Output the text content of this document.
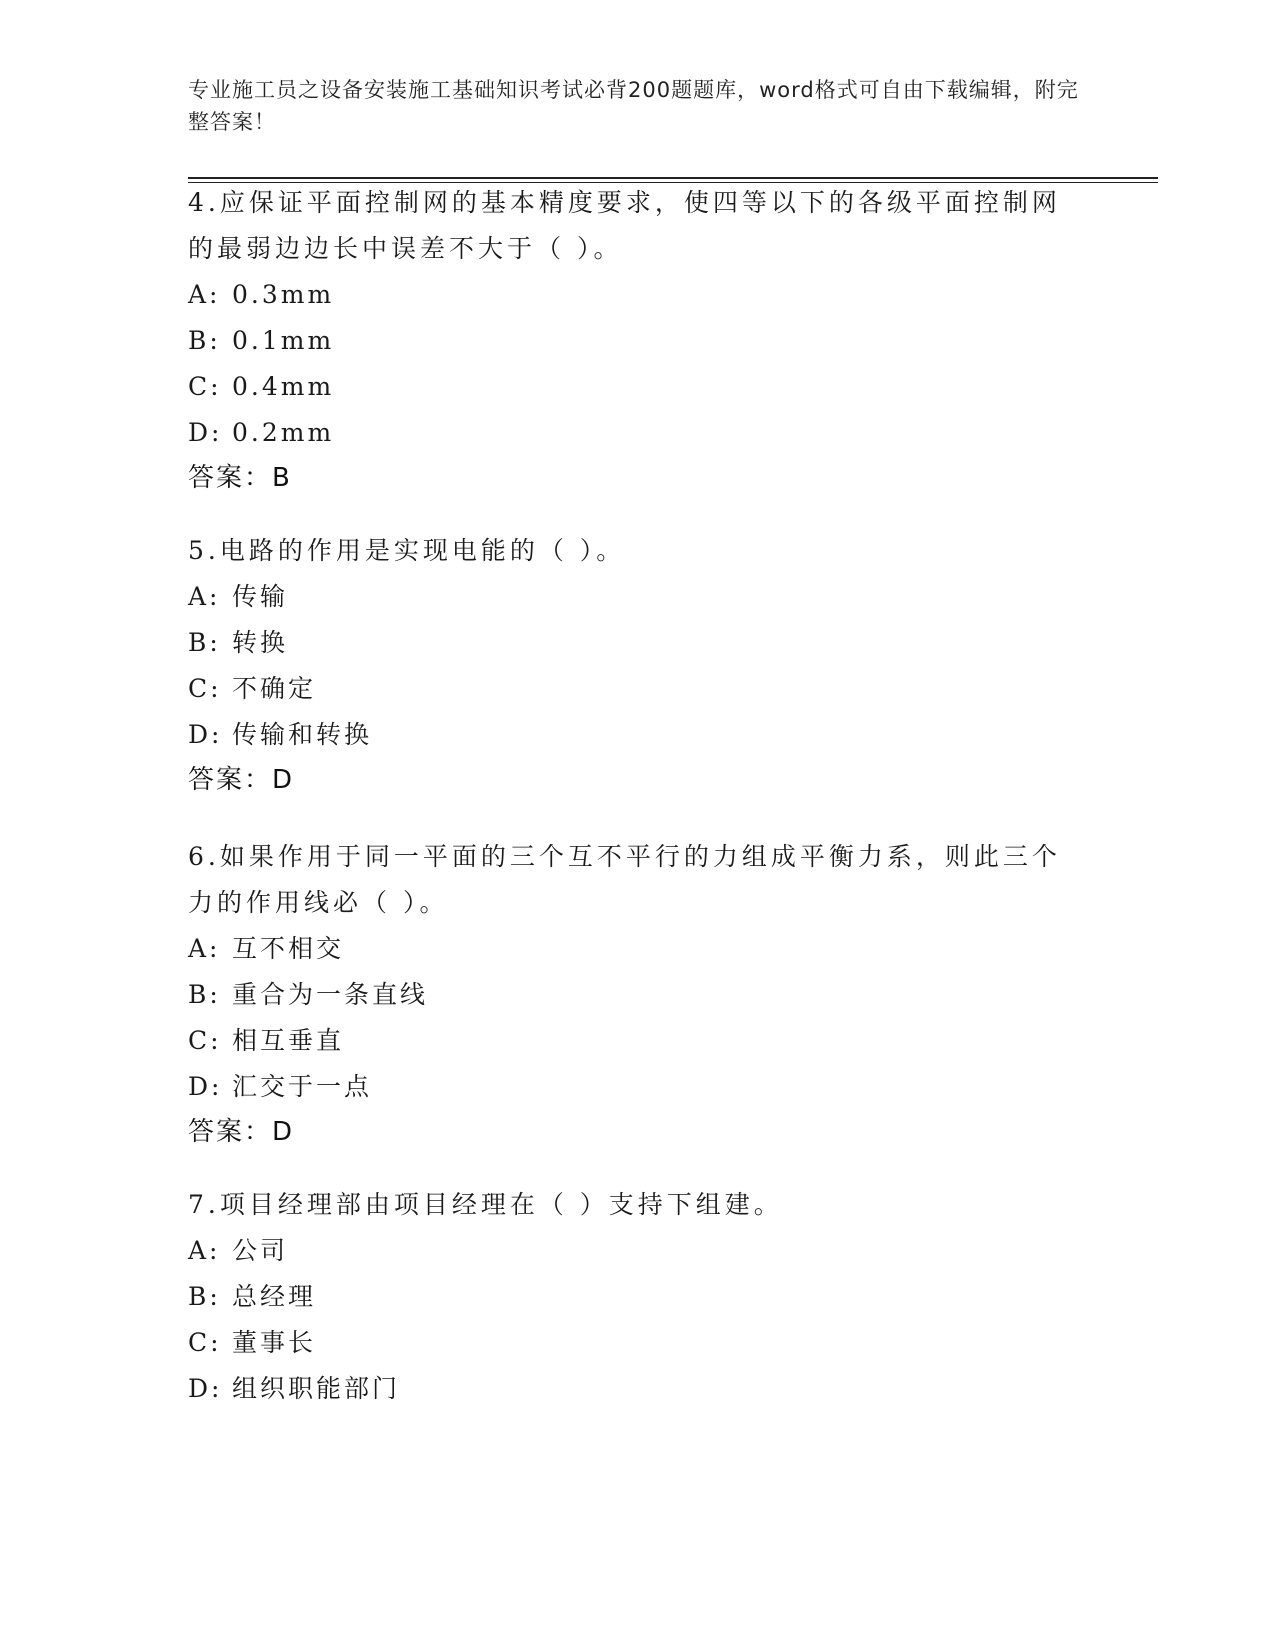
专业施工员之设备安装施工基础知识考试必背200题题库，word格式可自由下载编辑，附完整答案！

4.应保证平面控制网的基本精度要求，使四等以下的各级平面控制网的最弱边边长中误差不大于（ ）。

A: 0.3mm
B: 0.1mm
C: 0.4mm
D: 0.2mm
答案：B

5.电路的作用是实现电能的（ ）。

A: 传输
B: 转换
C: 不确定
D: 传输和转换
答案：D

6.如果作用于同一平面的三个互不平行的力组成平衡力系，则此三个力的作用线必（ ）。

A: 互不相交
B: 重合为一条直线
C: 相互垂直
D: 汇交于一点
答案：D

7.项目经理部由项目经理在（ ）支持下组建。

A: 公司
B: 总经理
C: 董事长
D: 组织职能部门
